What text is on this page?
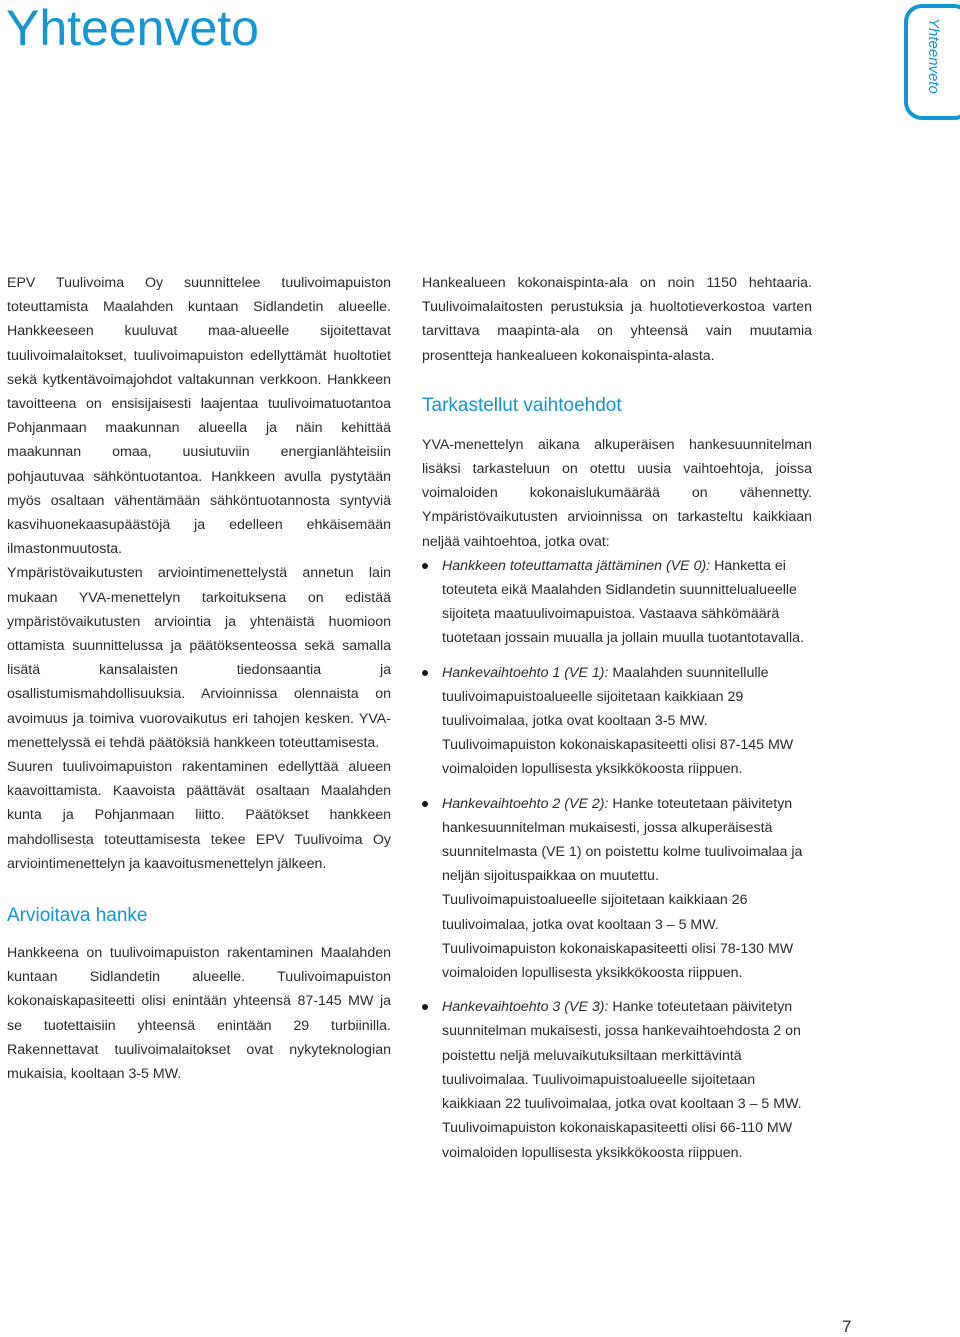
Yhteenveto	Yhteenveto

EPV Tuulivoima Oy suunnittelee tuulivoimapuiston toteuttamista Maalahden kuntaan Sidlandetin alueelle. Hankkeeseen kuuluvat maa-alueelle sijoitettavat tuulivoimalaitokset, tuulivoimapuiston edellyttämät huoltotiet sekä kytkentävoimajohdot valtakunnan verkkoon. Hankkeen tavoitteena on ensisijaisesti laajentaa tuulivoimatuotantoa Pohjanmaan maakunnan alueella ja näin kehittää maakunnan omaa, uusiutuviin energianlähteisiin pohjautuvaa sähköntuotantoa. Hankkeen avulla pystytään myös osaltaan vähentämään sähköntuotannosta syntyviä kasvihuonekaasupäästöjä ja edelleen ehkäisemään ilmastonmuutosta.

Ympäristövaikutusten arviointimenettelystä annetun lain mukaan YVA-menettelyn tarkoituksena on edistää ympäristövaikutusten arviointia ja yhtenäistä huomioon ottamista suunnittelussa ja päätöksenteossa sekä samalla lisätä kansalaisten tiedonsaantia ja osallistumismahdollisuuksia. Arvioinnissa olennaista on avoimuus ja toimiva vuorovaikutus eri tahojen kesken. YVA-menettelyssä ei tehdä päätöksiä hankkeen toteuttamisesta.

Suuren tuulivoimapuiston rakentaminen edellyttää alueen kaavoittamista. Kaavoista päättävät osaltaan Maalahden kunta ja Pohjanmaan liitto. Päätökset hankkeen mahdollisesta toteuttamisesta tekee EPV Tuulivoima Oy arviointimenettelyn ja kaavoitusmenettelyn jälkeen.

Arvioitava hanke

Hankkeena on tuulivoimapuiston rakentaminen Maalahden kuntaan Sidlandetin alueelle. Tuulivoimapuiston kokonaiskapasiteetti olisi enintään yhteensä 87-145 MW ja se tuotettaisiin yhteensä enintään 29 turbiinilla. Rakennettavat tuulivoimalaitokset ovat nykyteknologian mukaisia, kooltaan 3-5 MW.

Hankealueen kokonaispinta-ala on noin 1150 hehtaaria. Tuulivoimalaitosten perustuksia ja huoltotieverkostoa varten tarvittava maapinta-ala on yhteensä vain muutamia prosentteja hankealueen kokonaispinta-alasta.

Tarkastellut vaihtoehdot

YVA-menettelyn aikana alkuperäisen hankesuunnitelman lisäksi tarkasteluun on otettu uusia vaihtoehtoja, joissa voimaloiden kokonaislukumäärää on vähennetty. Ympäristövaikutusten arvioinnissa on tarkasteltu kaikkiaan neljää vaihtoehtoa, jotka ovat:

Hankkeen toteuttamatta jättäminen (VE 0): Hanketta ei toteuteta eikä Maalahden Sidlandetin suunnittelualueelle sijoiteta maatuulivoimapuistoa. Vastaava sähkömäärä tuotetaan jossain muualla ja jollain muulla tuotantotavalla.
Hankevaihtoehto 1 (VE 1): Maalahden suunnitellulle tuulivoimapuistoalueelle sijoitetaan kaikkiaan 29 tuulivoimalaa, jotka ovat kooltaan 3-5 MW. Tuulivoimapuiston kokonaiskapasiteetti olisi 87-145 MW voimaloiden lopullisesta yksikkökoosta riippuen.
Hankevaihtoehto 2 (VE 2): Hanke toteutetaan päivitetyn hankesuunnitelman mukaisesti, jossa alkuperäisestä suunnitelmasta (VE 1) on poistettu kolme tuulivoimalaa ja neljän sijoituspaikkaa on muutettu. Tuulivoimapuistoalueelle sijoitetaan kaikkiaan 26 tuulivoimalaa, jotka ovat kooltaan 3 – 5 MW. Tuulivoimapuiston kokonaiskapasiteetti olisi 78-130 MW voimaloiden lopullisesta yksikkökoosta riippuen.
Hankevaihtoehto 3 (VE 3): Hanke toteutetaan päivitetyn suunnitelman mukaisesti, jossa hankevaihtoehdosta 2 on poistettu neljä meluvaikutuksiltaan merkittävintä tuulivoimalaa. Tuulivoimapuistoalueelle sijoitetaan kaikkiaan 22 tuulivoimalaa, jotka ovat kooltaan 3 – 5 MW. Tuulivoimapuiston kokonaiskapasiteetti olisi 66-110 MW voimaloiden lopullisesta yksikkökoosta riippuen.
7
